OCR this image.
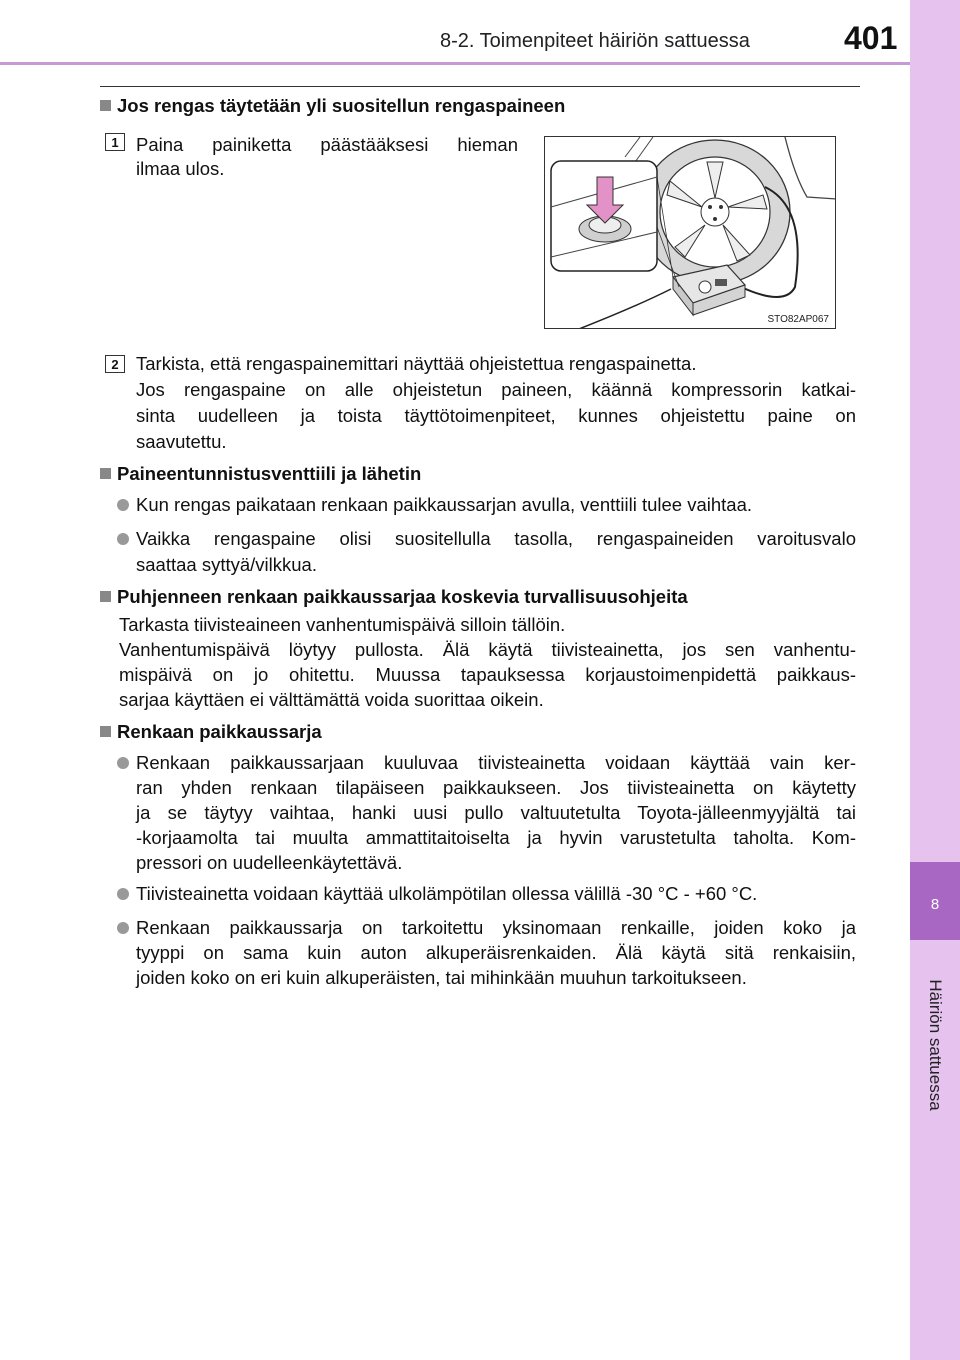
8
Häiriön sattuessa
8-2. Toimenpiteet häiriön sattuessa	401
Jos rengas täytetään yli suositellun rengaspaineen
1 Paina painiketta päästääksesi hieman
ilmaa ulos.
STO82AP067
2 Tarkista, että rengaspainemittari näyttää ohjeistettua rengaspainetta.
Jos rengaspaine on alle ohjeistetun paineen, käännä kompressorin katkai-
sinta uudelleen ja toista täyttötoimenpiteet, kunnes ohjeistettu paine on
saavutettu.
Paineentunnistusventtiili ja lähetin
Kun rengas paikataan renkaan paikkaussarjan avulla, venttiili tulee vaihtaa.
Vaikka rengaspaine olisi suositellulla tasolla, rengaspaineiden varoitusvalo
saattaa syttyä/vilkkua.
Puhjenneen renkaan paikkaussarjaa koskevia turvallisuusohjeita
Tarkasta tiivisteaineen vanhentumispäivä silloin tällöin.
Vanhentumispäivä löytyy pullosta. Älä käytä tiivisteainetta, jos sen vanhentu-
mispäivä on jo ohitettu. Muussa tapauksessa korjaustoimenpidettä paikkaus-
sarjaa käyttäen ei välttämättä voida suorittaa oikein.
Renkaan paikkaussarja
Renkaan paikkaussarjaan kuuluvaa tiivisteainetta voidaan käyttää vain ker-
ran yhden renkaan tilapäiseen paikkaukseen. Jos tiivisteainetta on käytetty
ja se täytyy vaihtaa, hanki uusi pullo valtuutetulta Toyota-jälleenmyyjältä tai
-korjaamolta tai muulta ammattitaitoiselta ja hyvin varustetulta taholta. Kom-
pressori on uudelleenkäytettävä.
Tiivisteainetta voidaan käyttää ulkolämpötilan ollessa välillä -30 °C - +60 °C.
Renkaan paikkaussarja on tarkoitettu yksinomaan renkaille, joiden koko ja
tyyppi on sama kuin auton alkuperäisrenkaiden. Älä käytä sitä renkaisiin,
joiden koko on eri kuin alkuperäisten, tai mihinkään muuhun tarkoitukseen.
